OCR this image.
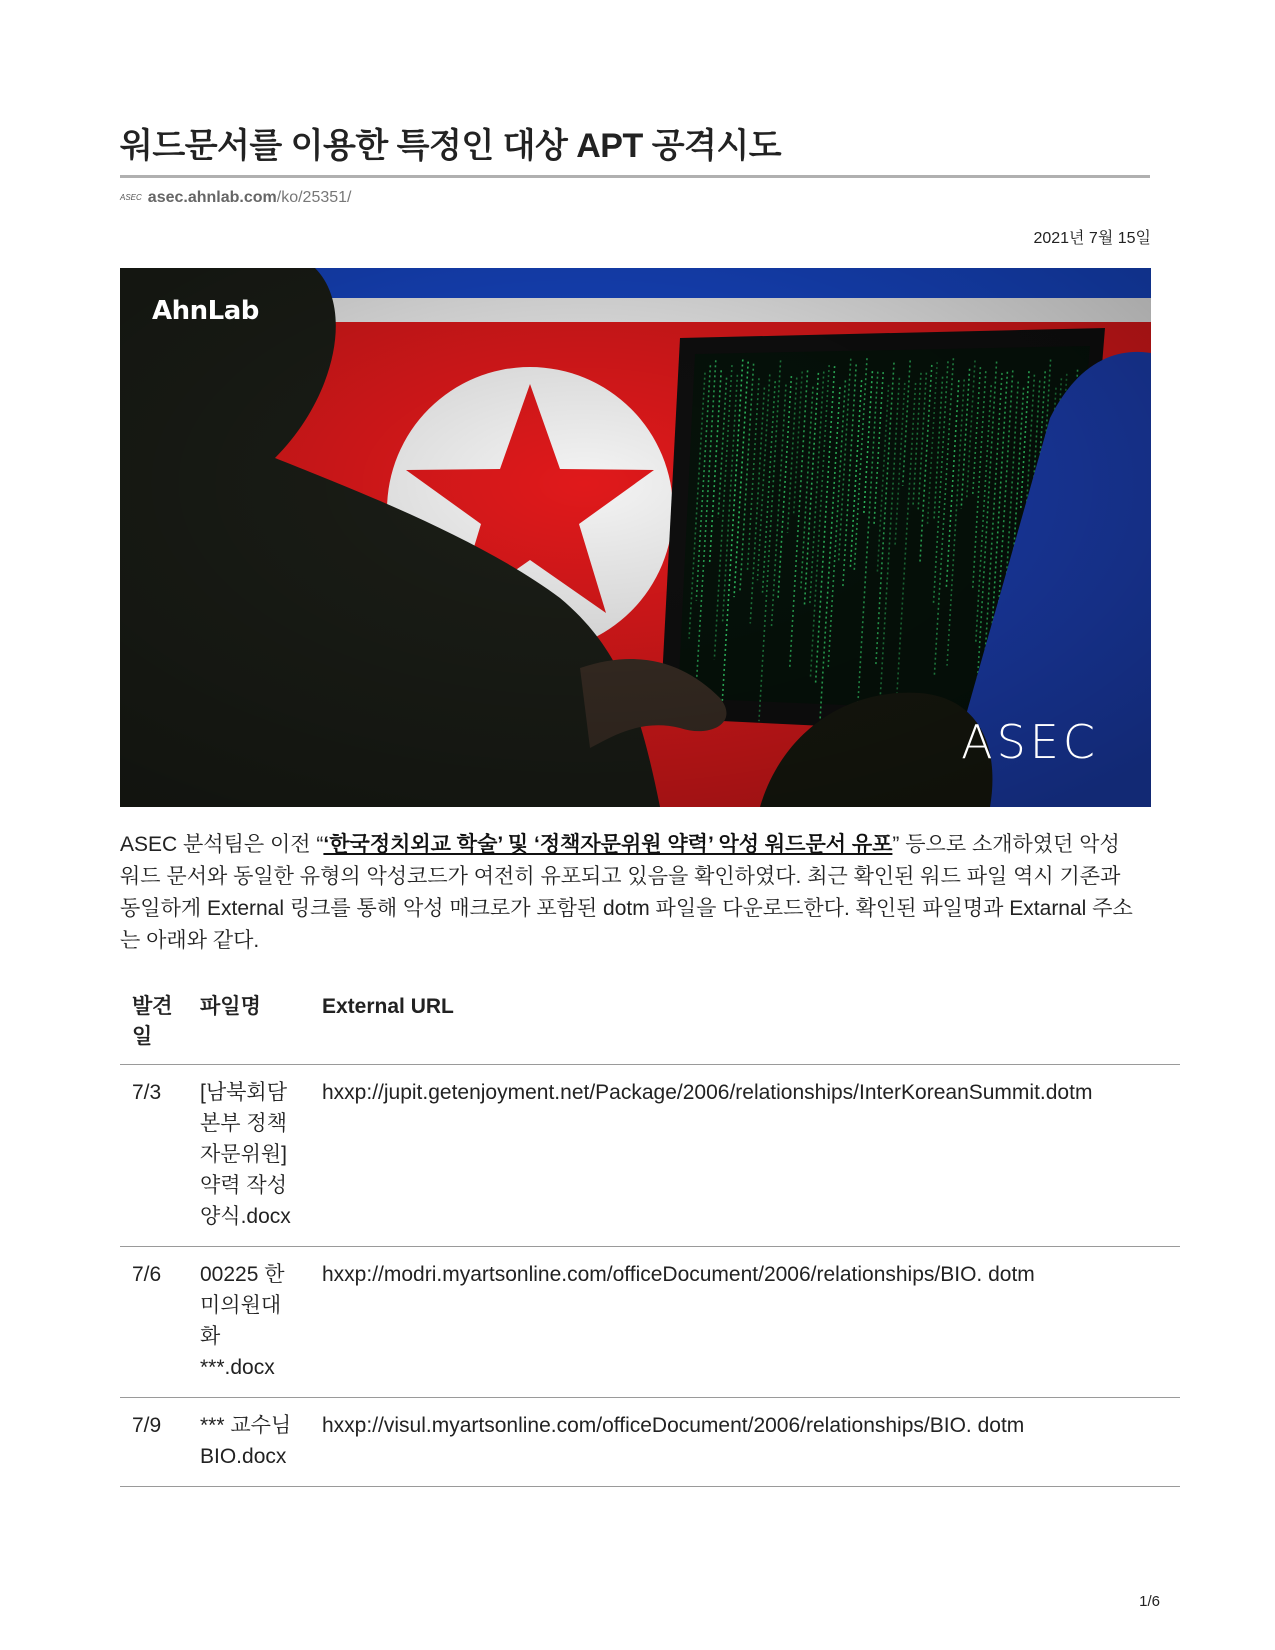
워드문서를 이용한 특정인 대상 APT 공격시도
ASEC asec.ahnlab.com/ko/25351/
2021년 7월 15일
AhnLab
ASEC

ASEC 분석팀은 이전 “‘한국정치외교 학술’ 및 ‘정책자문위원 약력’ 악성 워드문서 유포” 등으로 소개하였던 악성 워드 문서와 동일한 유형의 악성코드가 여전히 유포되고 있음을 확인하였다. 최근 확인된 워드 파일 역시 기존과 동일하게 External 링크를 통해 악성 매크로가 포함된 dotm 파일을 다운로드한다. 확인된 파일명과 Extarnal 주소는 아래와 같다.

발견일	파일명	External URL
7/3	[남북회담본부 정책자문위원] 약력 작성 양식.docx	hxxp://jupit.getenjoyment.net/Package/2006/relationships/InterKoreanSummit.dotm
7/6	00225 한미의원대화 ***.docx	hxxp://modri.myartsonline.com/officeDocument/2006/relationships/BIO. dotm
7/9	*** 교수님 BIO.docx	hxxp://visul.myartsonline.com/officeDocument/2006/relationships/BIO. dotm
1/6
